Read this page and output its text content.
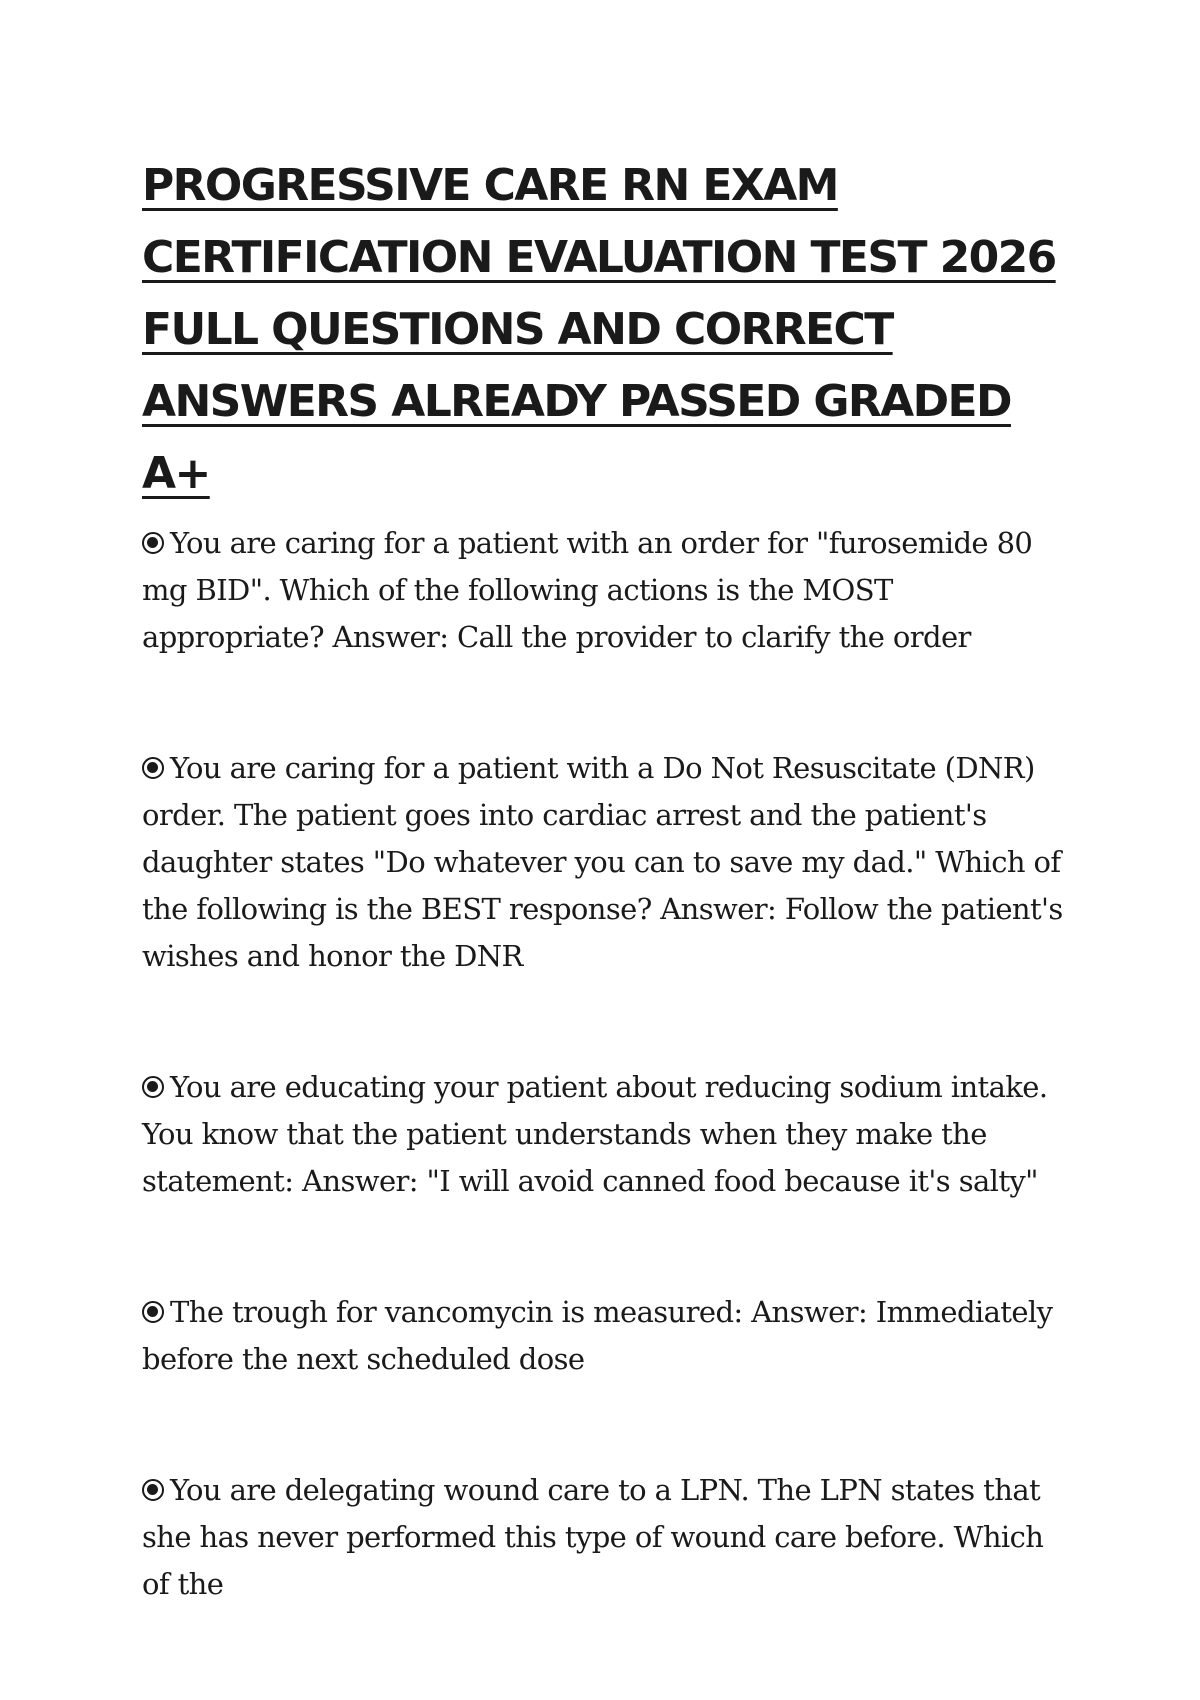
PROGRESSIVE CARE RN EXAM CERTIFICATION EVALUATION TEST 2026 FULL QUESTIONS AND CORRECT ANSWERS ALREADY PASSED GRADED A+
You are caring for a patient with an order for "furosemide 80 mg BID". Which of the following actions is the MOST appropriate? Answer: Call the provider to clarify the order
You are caring for a patient with a Do Not Resuscitate (DNR) order. The patient goes into cardiac arrest and the patient's daughter states "Do whatever you can to save my dad." Which of the following is the BEST response? Answer: Follow the patient's wishes and honor the DNR
You are educating your patient about reducing sodium intake. You know that the patient understands when they make the statement: Answer: "I will avoid canned food because it's salty"
The trough for vancomycin is measured: Answer: Immediately before the next scheduled dose
You are delegating wound care to a LPN. The LPN states that she has never performed this type of wound care before. Which of the
